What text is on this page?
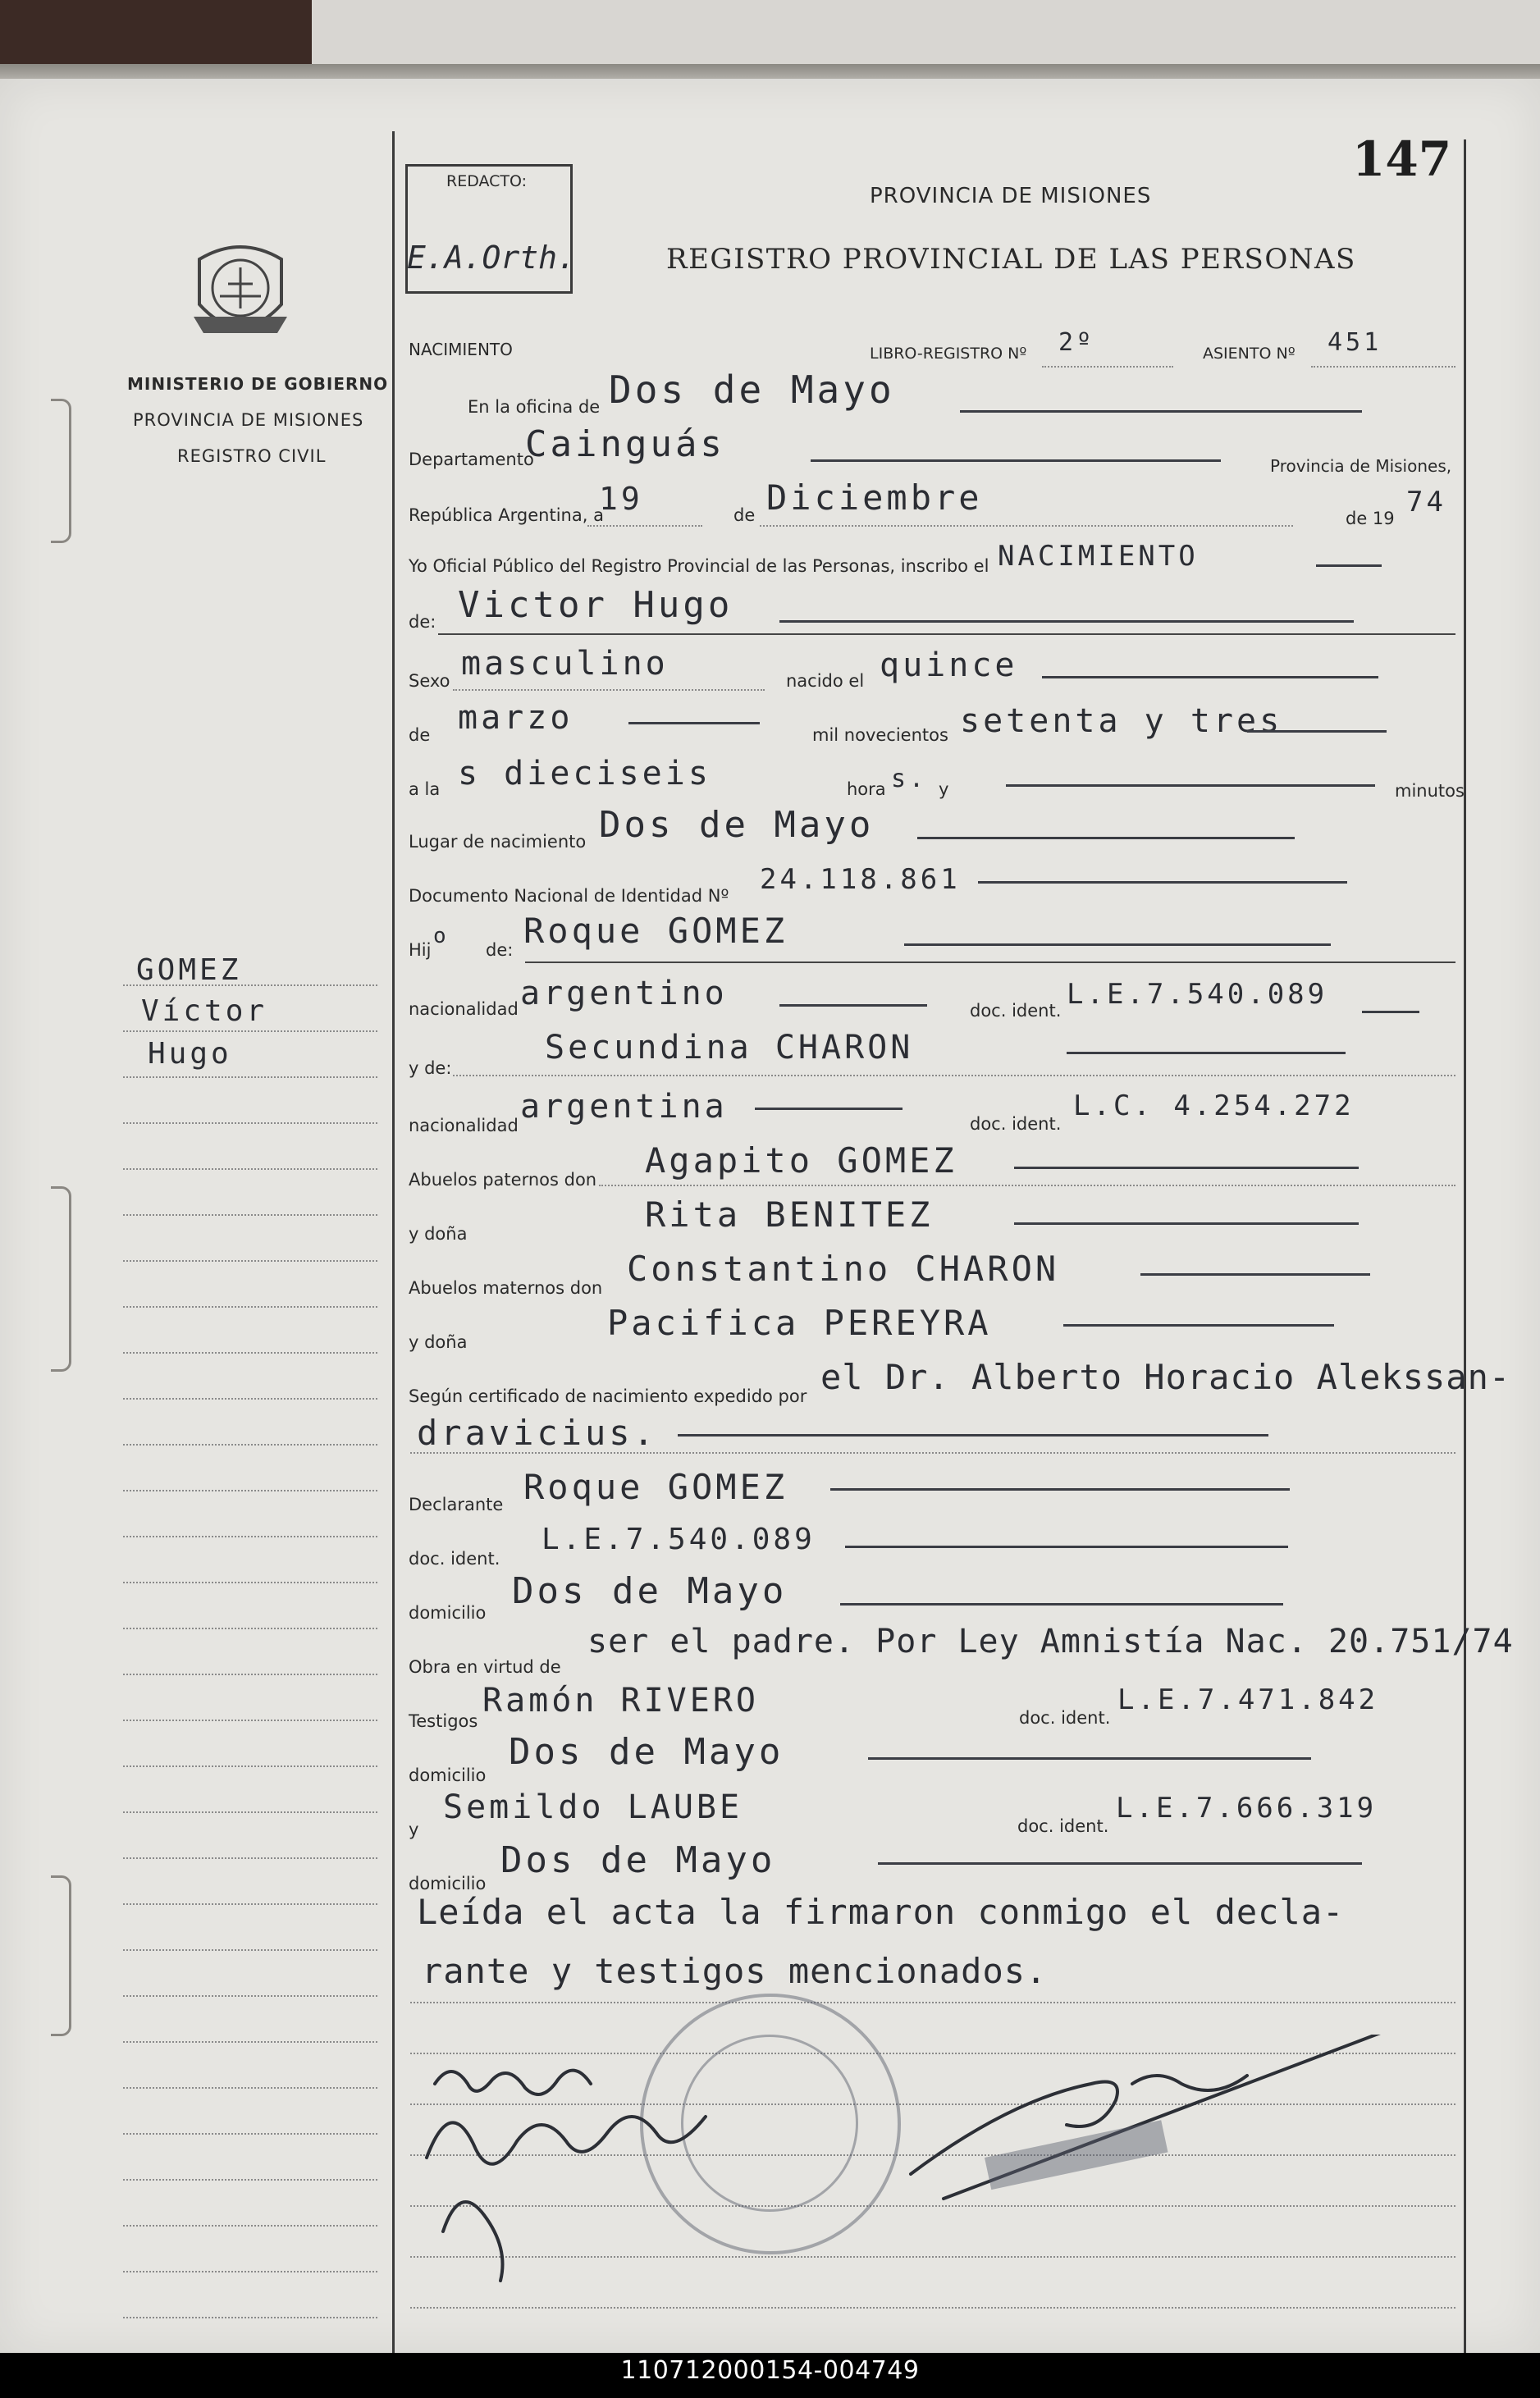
147
REDACTO:
E.A.Orth.
PROVINCIA DE MISIONES
REGISTRO PROVINCIAL DE LAS PERSONAS
MINISTERIO DE GOBIERNO
PROVINCIA DE MISIONES
REGISTRO CIVIL
GOMEZ
Víctor
Hugo
NACIMIENTO	LIBRO-REGISTRO Nº 2º	ASIENTO Nº 451
En la oficina de Dos de Mayo
Departamento
Cainguás
Provincia de Misiones,
República Argentina, a
19	de Diciembre
de 19 74
Yo Oficial Público del Registro Provincial de las Personas, inscribo el NACIMIENTO
de: Victor Hugo
Sexo masculino	nacido el quince
de marzo	mil novecientos setenta y tres
a la s dieciseis	hora s. y	minutos
Lugar de nacimiento Dos de Mayo
Documento Nacional de Identidad Nº 24.118.861
Hij
o
de: Roque GOMEZ
nacionalidad argentino	doc. ident. L.E.7.540.089
y de:
Secundina CHARON
nacionalidad argentina	doc. ident.
L.C. 4.254.272
Abuelos paternos don Agapito GOMEZ
y doña	Rita BENITEZ
Abuelos maternos don Constantino CHARON
y doña	Pacifica PEREYRA
Según certificado de nacimiento expedido por el Dr. Alberto Horacio Alekssan-
dravicius.
Declarante Roque GOMEZ
doc. ident.
L.E.7.540.089
domicilio
Dos de Mayo
Obra en virtud de
ser el padre. Por Ley Amnistía Nac. 20.751/74
Testigos
Ramón RIVERO	doc. ident.
L.E.7.471.842
domicilio
Dos de Mayo
y
Semildo LAUBE	doc. ident.
L.E.7.666.319
domicilio
Dos de Mayo
Leída el acta la firmaron conmigo el decla-
rante y testigos mencionados.
110712000154-004749
